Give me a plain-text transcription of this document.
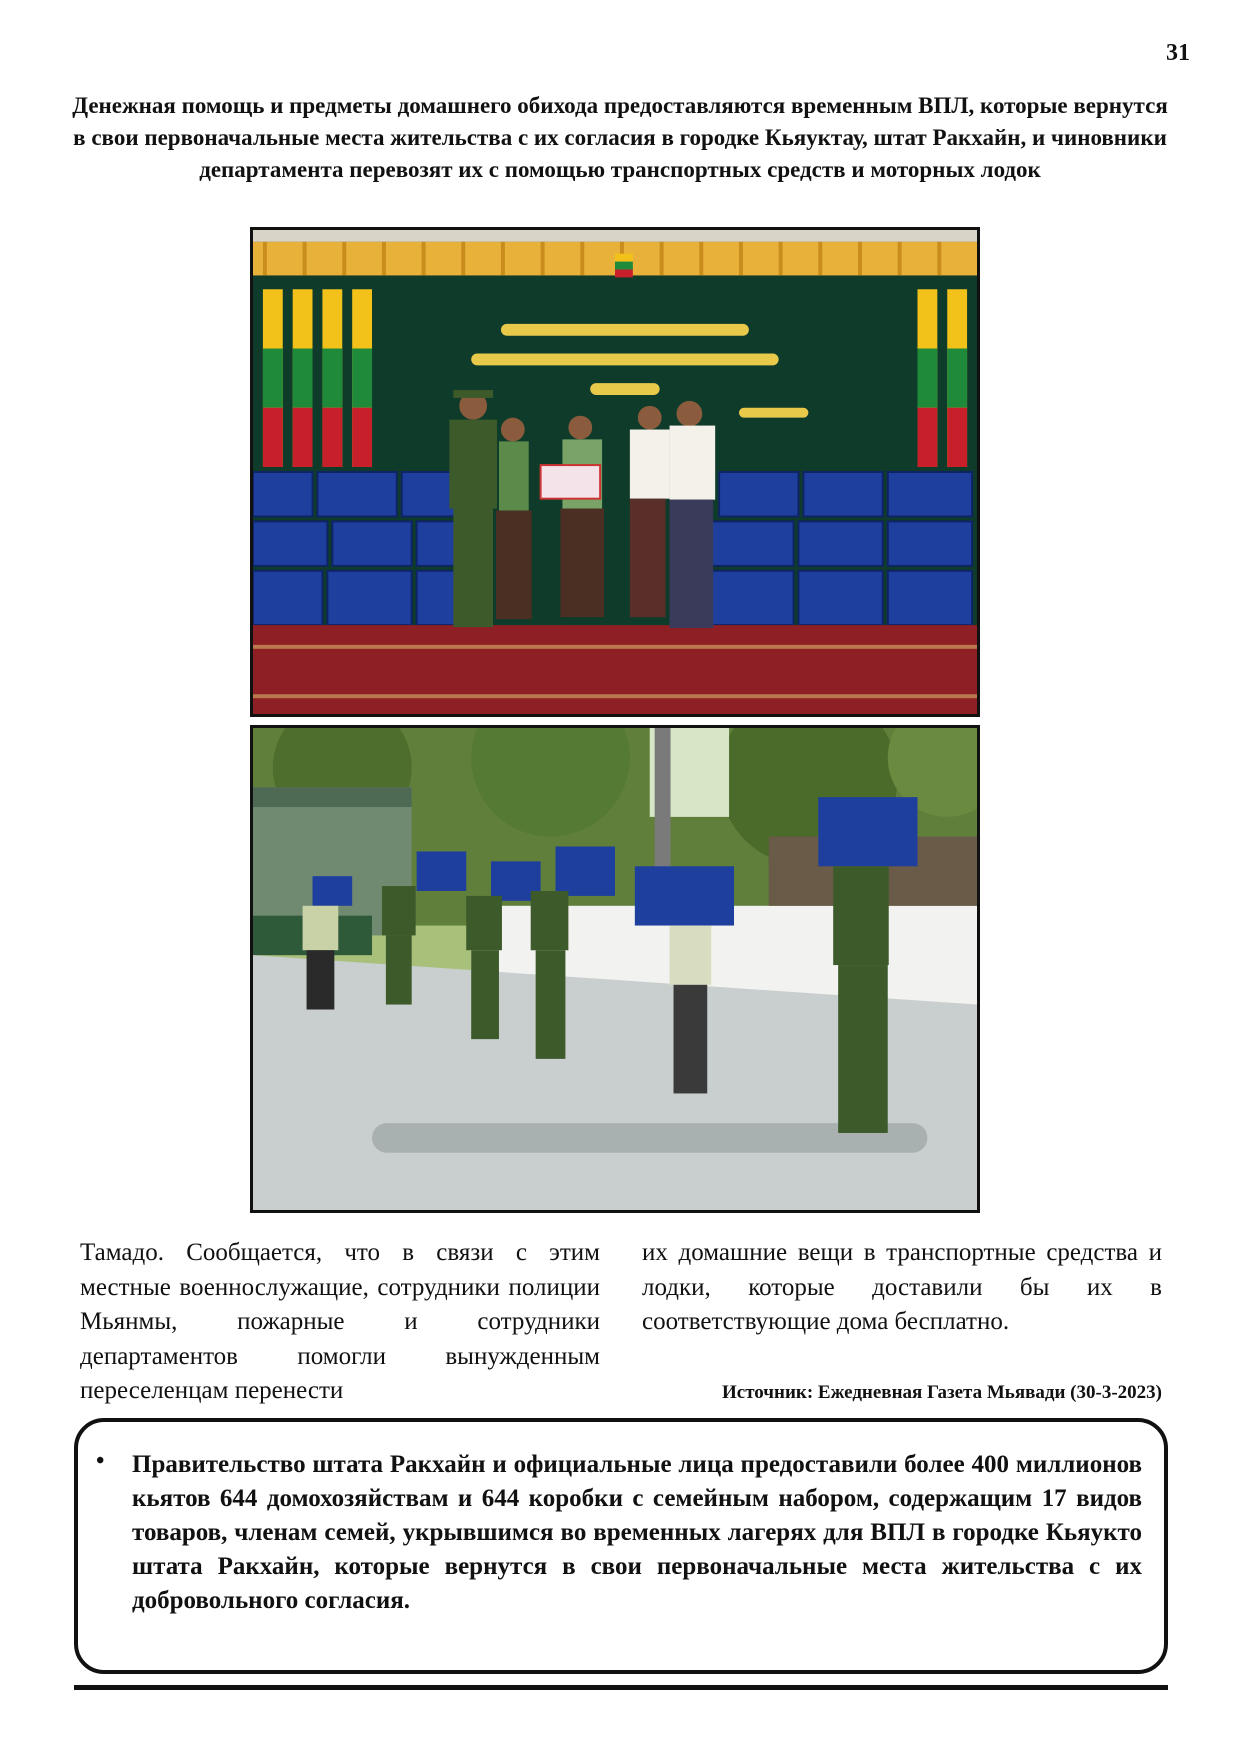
31
Денежная помощь и предметы домашнего обихода предоставляются временным ВПЛ, которые вернутся в свои первоначальные места жительства с их согласия в городке Кьяуктау, штат Ракхайн, и чиновники департамента перевозят их с помощью транспортных средств и моторных лодок
Тамадо. Сообщается, что в связи с этим местные военнослужащие, сотрудники полиции Мьянмы, пожарные и сотрудники департаментов помогли вынужденным переселенцам перенести
их домашние вещи в транспортные средства и лодки, которые доставили бы их в соответствующие дома бесплатно.
Источник: Ежедневная Газета Мьявади (30-3-2023)
• Правительство штата Ракхайн и официальные лица предоставили более 400 миллионов кьятов 644 домохозяйствам и 644 коробки с семейным набором, содержащим 17 видов товаров, членам семей, укрывшимся во временных лагерях для ВПЛ в городке Кьяукто штата Ракхайн, которые вернутся в свои первоначальные места жительства с их добровольного согласия.
